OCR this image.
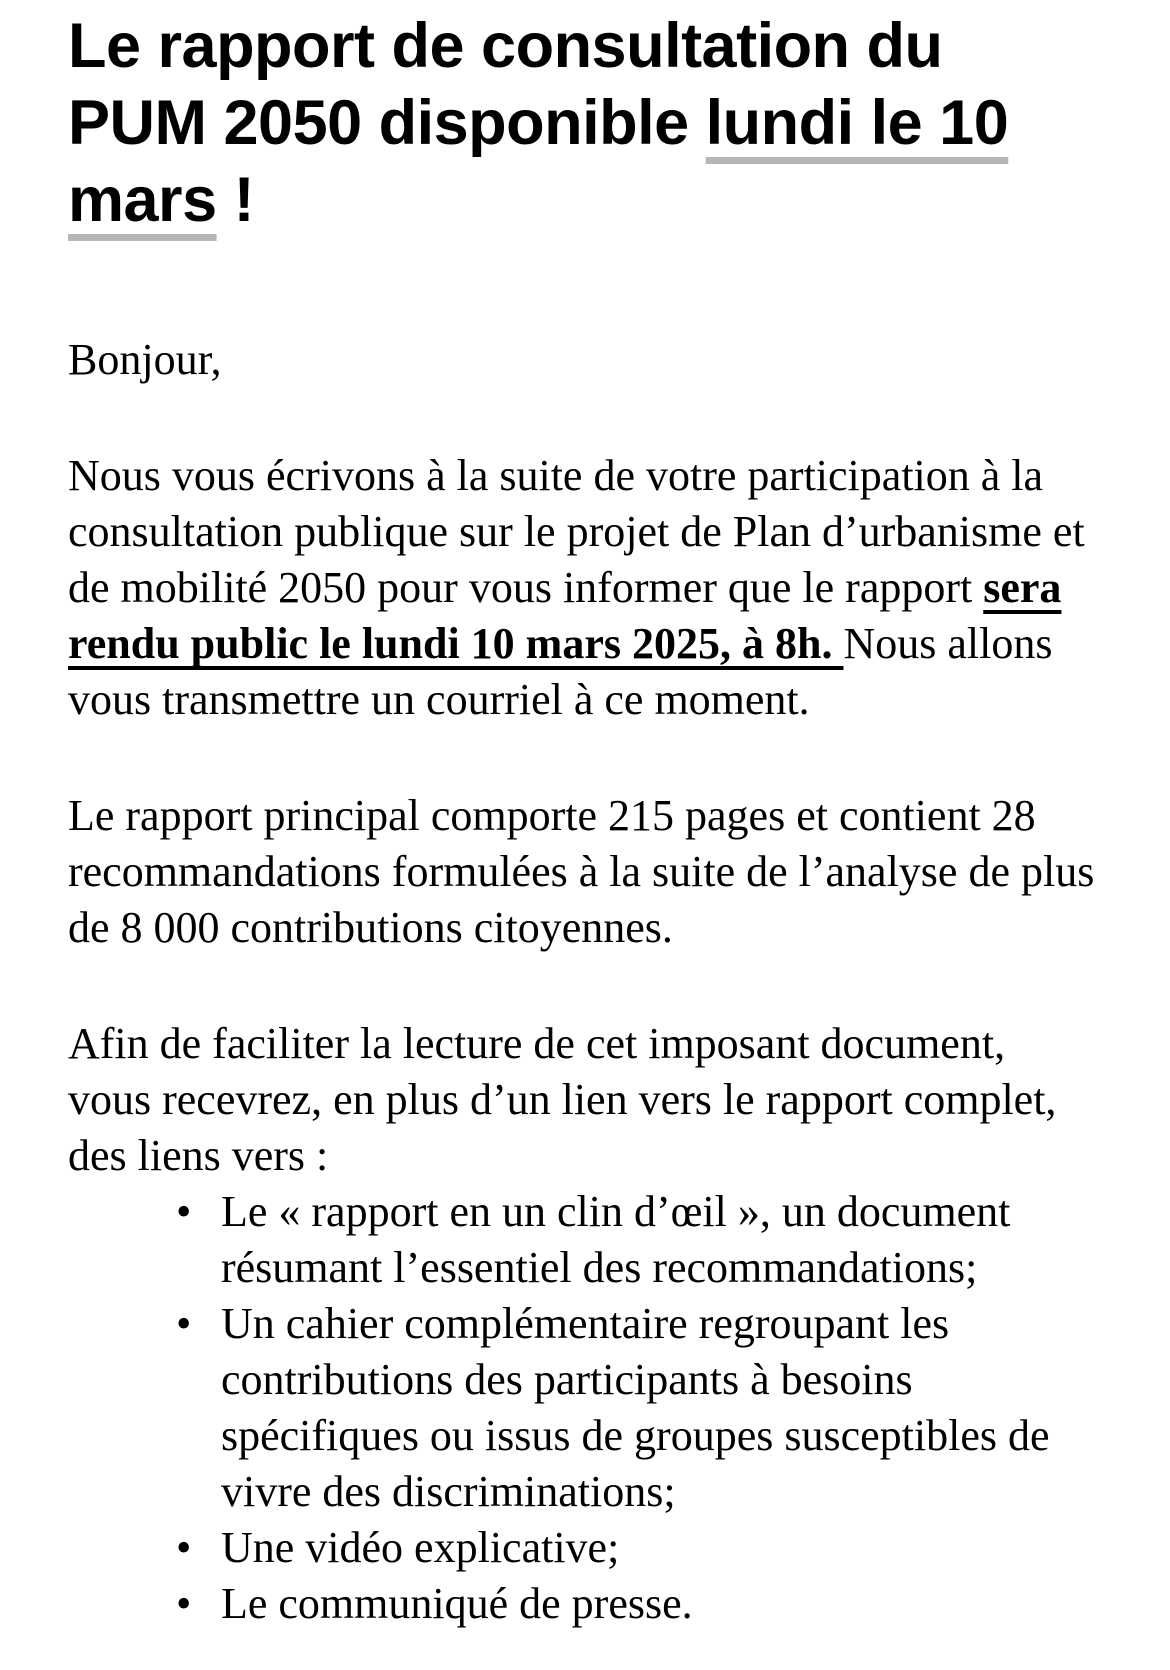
Le rapport de consultation du PUM 2050 disponible lundi le 10 mars !

Bonjour,

Nous vous écrivons à la suite de votre participation à la consultation publique sur le projet de Plan d’urbanisme et de mobilité 2050 pour vous informer que le rapport sera rendu public le lundi 10 mars 2025, à 8h. Nous allons vous transmettre un courriel à ce moment.

Le rapport principal comporte 215 pages et contient 28 recommandations formulées à la suite de l’analyse de plus de 8 000 contributions citoyennes.

Afin de faciliter la lecture de cet imposant document, vous recevrez, en plus d’un lien vers le rapport complet, des liens vers :

• Le « rapport en un clin d’œil », un document résumant l’essentiel des recommandations;
• Un cahier complémentaire regroupant les contributions des participants à besoins spécifiques ou issus de groupes susceptibles de vivre des discriminations;
• Une vidéo explicative;
• Le communiqué de presse.
